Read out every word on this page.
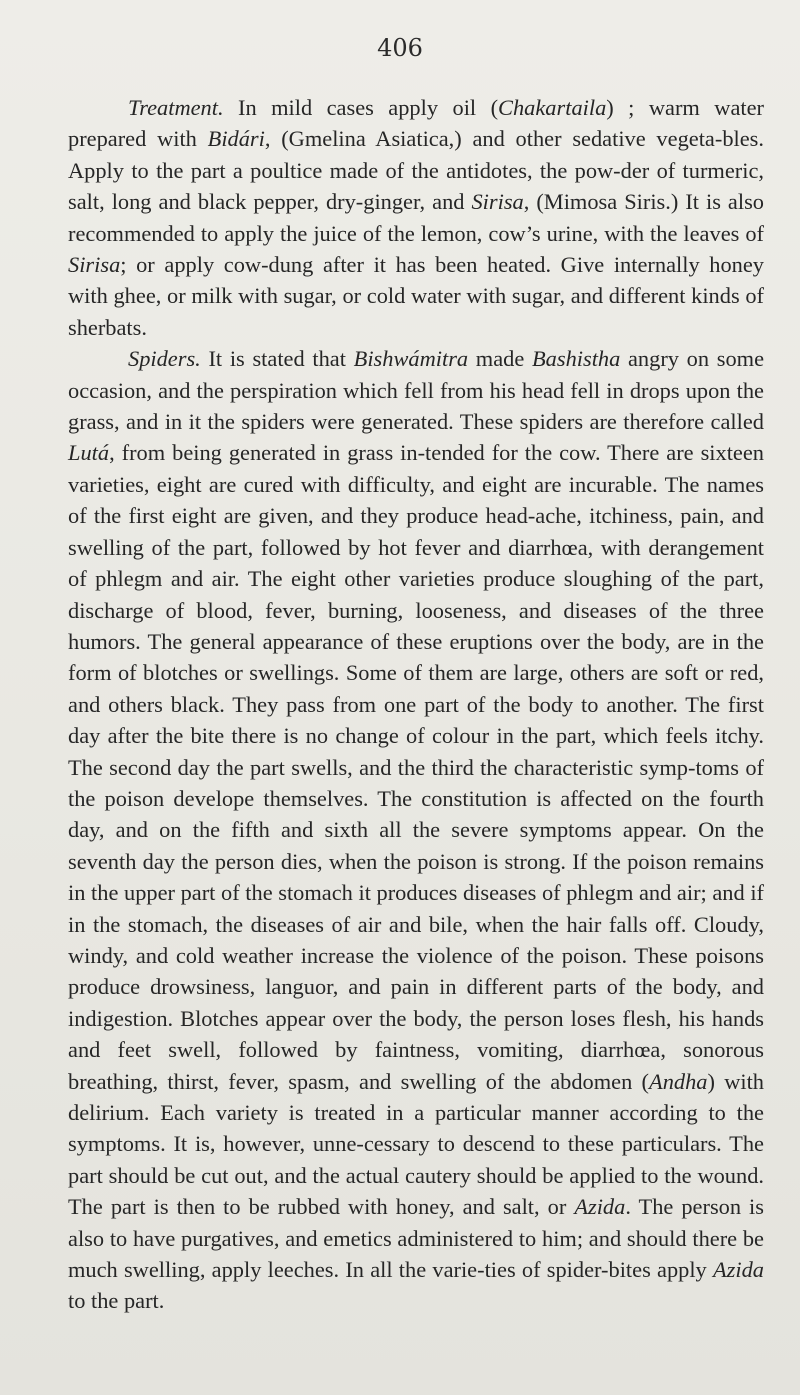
406

Treatment. In mild cases apply oil (Chakartaila) ; warm water prepared with Bidári, (Gmelina Asiatica,) and other sedative vegeta-bles. Apply to the part a poultice made of the antidotes, the pow-der of turmeric, salt, long and black pepper, dry-ginger, and Sirisa, (Mimosa Siris.) It is also recommended to apply the juice of the lemon, cow’s urine, with the leaves of Sirisa; or apply cow-dung after it has been heated. Give internally honey with ghee, or milk with sugar, or cold water with sugar, and different kinds of sherbats.

Spiders. It is stated that Bishwámitra made Bashistha angry on some occasion, and the perspiration which fell from his head fell in drops upon the grass, and in it the spiders were generated. These spiders are therefore called Lutá, from being generated in grass in-tended for the cow. There are sixteen varieties, eight are cured with difficulty, and eight are incurable. The names of the first eight are given, and they produce head-ache, itchiness, pain, and swelling of the part, followed by hot fever and diarrhœa, with derangement of phlegm and air. The eight other varieties produce sloughing of the part, discharge of blood, fever, burning, looseness, and diseases of the three humors. The general appearance of these eruptions over the body, are in the form of blotches or swellings. Some of them are large, others are soft or red, and others black. They pass from one part of the body to another. The first day after the bite there is no change of colour in the part, which feels itchy. The second day the part swells, and the third the characteristic symp-toms of the poison develope themselves. The constitution is affected on the fourth day, and on the fifth and sixth all the severe symptoms appear. On the seventh day the person dies, when the poison is strong. If the poison remains in the upper part of the stomach it produces diseases of phlegm and air; and if in the stomach, the diseases of air and bile, when the hair falls off. Cloudy, windy, and cold weather increase the violence of the poison. These poisons produce drowsiness, languor, and pain in different parts of the body, and indigestion. Blotches appear over the body, the person loses flesh, his hands and feet swell, followed by faintness, vomiting, diarrhœa, sonorous breathing, thirst, fever, spasm, and swelling of the abdomen (Andha) with delirium. Each variety is treated in a particular manner according to the symptoms. It is, however, unne-cessary to descend to these particulars. The part should be cut out, and the actual cautery should be applied to the wound. The part is then to be rubbed with honey, and salt, or Azida. The person is also to have purgatives, and emetics administered to him; and should there be much swelling, apply leeches. In all the varie-ties of spider-bites apply Azida to the part.
